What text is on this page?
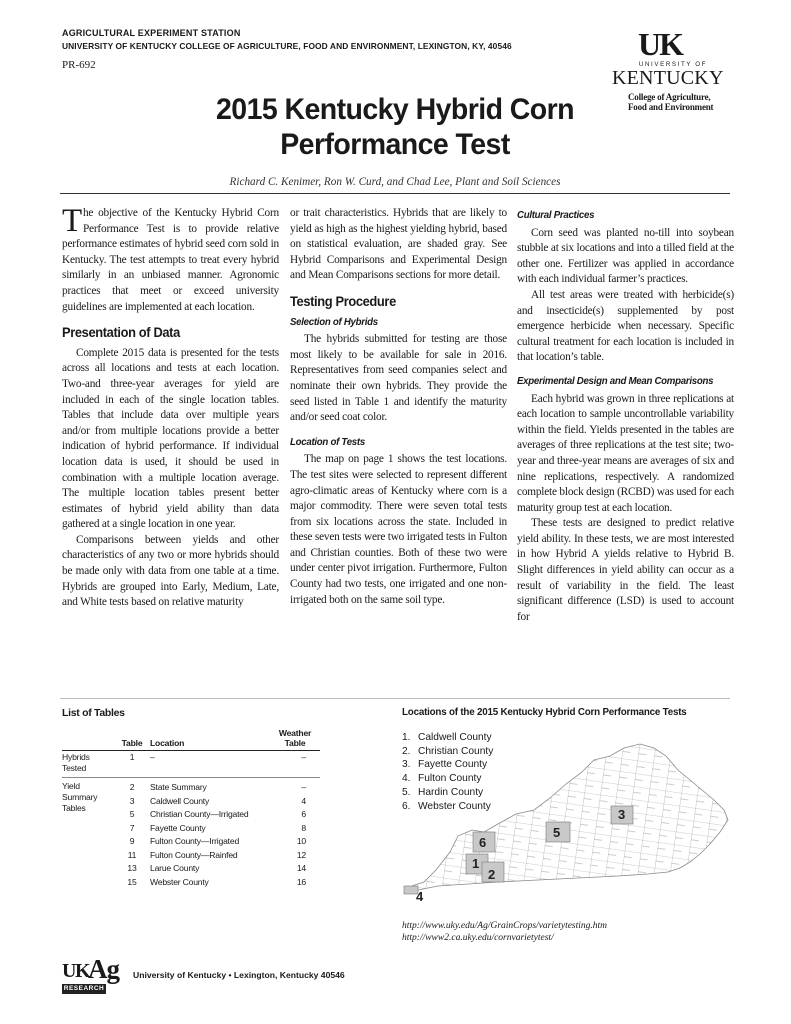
AGRICULTURAL EXPERIMENT STATION
UNIVERSITY OF KENTUCKY COLLEGE OF AGRICULTURE, FOOD AND ENVIRONMENT, LEXINGTON, KY, 40546
PR-692
UK
UNIVERSITY OF
KENTUCKY
College of Agriculture,
Food and Environment
2015 Kentucky Hybrid Corn
Performance Test
Richard C. Kenimer, Ron W. Curd, and Chad Lee, Plant and Soil Sciences

The objective of the Kentucky Hybrid Corn Performance Test is to provide relative performance estimates of hybrid seed corn sold in Kentucky. The test attempts to treat every hybrid similarly in an unbiased manner. Agronomic practices that meet or exceed university guidelines are implemented at each location.

Presentation of Data

Complete 2015 data is presented for the tests across all locations and tests at each location. Two-and three-year averages for yield are included in each of the single location tables. Tables that include data over multiple years and/or from multiple locations provide a better indication of hybrid performance. If individual location data is used, it should be used in combination with a multiple location average. The multiple location tables present better estimates of hybrid yield ability than data gathered at a single location in one year.

Comparisons between yields and other characteristics of any two or more hybrids should be made only with data from one table at a time. Hybrids are grouped into Early, Medium, Late, and White tests based on relative maturity

or trait characteristics. Hybrids that are likely to yield as high as the highest yielding hybrid, based on statistical evaluation, are shaded gray. See Hybrid Comparisons and Experimental Design and Mean Comparisons sections for more detail.

Testing Procedure
Selection of Hybrids

The hybrids submitted for testing are those most likely to be available for sale in 2016. Representatives from seed companies select and nominate their own hybrids. They provide the seed listed in Table 1 and identify the maturity and/or seed coat color.

Location of Tests

The map on page 1 shows the test locations. The test sites were selected to represent different agro-climatic areas of Kentucky where corn is a major commodity. There were seven total tests from six locations across the state. Included in these seven tests were two irrigated tests in Fulton and Christian counties. Both of these two were under center pivot irrigation. Furthermore, Fulton County had two tests, one irrigated and one non-irrigated both on the same soil type.

Cultural Practices

Corn seed was planted no-till into soybean stubble at six locations and into a tilled field at the other one. Fertilizer was applied in accordance with each individual farmer’s practices.

All test areas were treated with herbicide(s) and insecticide(s) supplemented by post emergence herbicide when necessary. Specific cultural treatment for each location is included in that location’s table.

Experimental Design and Mean Comparisons

Each hybrid was grown in three replications at each location to sample uncontrollable variability within the field. Yields presented in the tables are averages of three replications at the test site; two-year and three-year means are averages of six and nine replications, respectively. A randomized complete block design (RCBD) was used for each maturity group test at each location.

These tests are designed to predict relative yield ability. In these tests, we are most interested in how Hybrid A yields relative to Hybrid B. Slight differences in yield ability can occur as a result of variability in the field. The least significant difference (LSD) is used to account for

List of Tables
	Table	Location	Weather Table
Hybrids Tested	1	–	–
Yield Summary Tables	2	State Summary	–
	3	Caldwell County	4
	5	Christian County—Irrigated	6
	7	Fayette County	8
	9	Fulton County—Irrigated	10
	11	Fulton County—Rainfed	12
	13	Larue County	14
	15	Webster County	16
Locations of the 2015 Kentucky Hybrid Corn Performance Tests
1. Caldwell County
2. Christian County
3. Fayette County
4. Fulton County
5. Hardin County
6. Webster County
1
2
3
4
5
6
http://www.uky.edu/Ag/GrainCrops/varietytesting.htm
http://www2.ca.uky.edu/cornvarietytest/
UK Ag
RESEARCH
University of Kentucky • Lexington, Kentucky 40546
